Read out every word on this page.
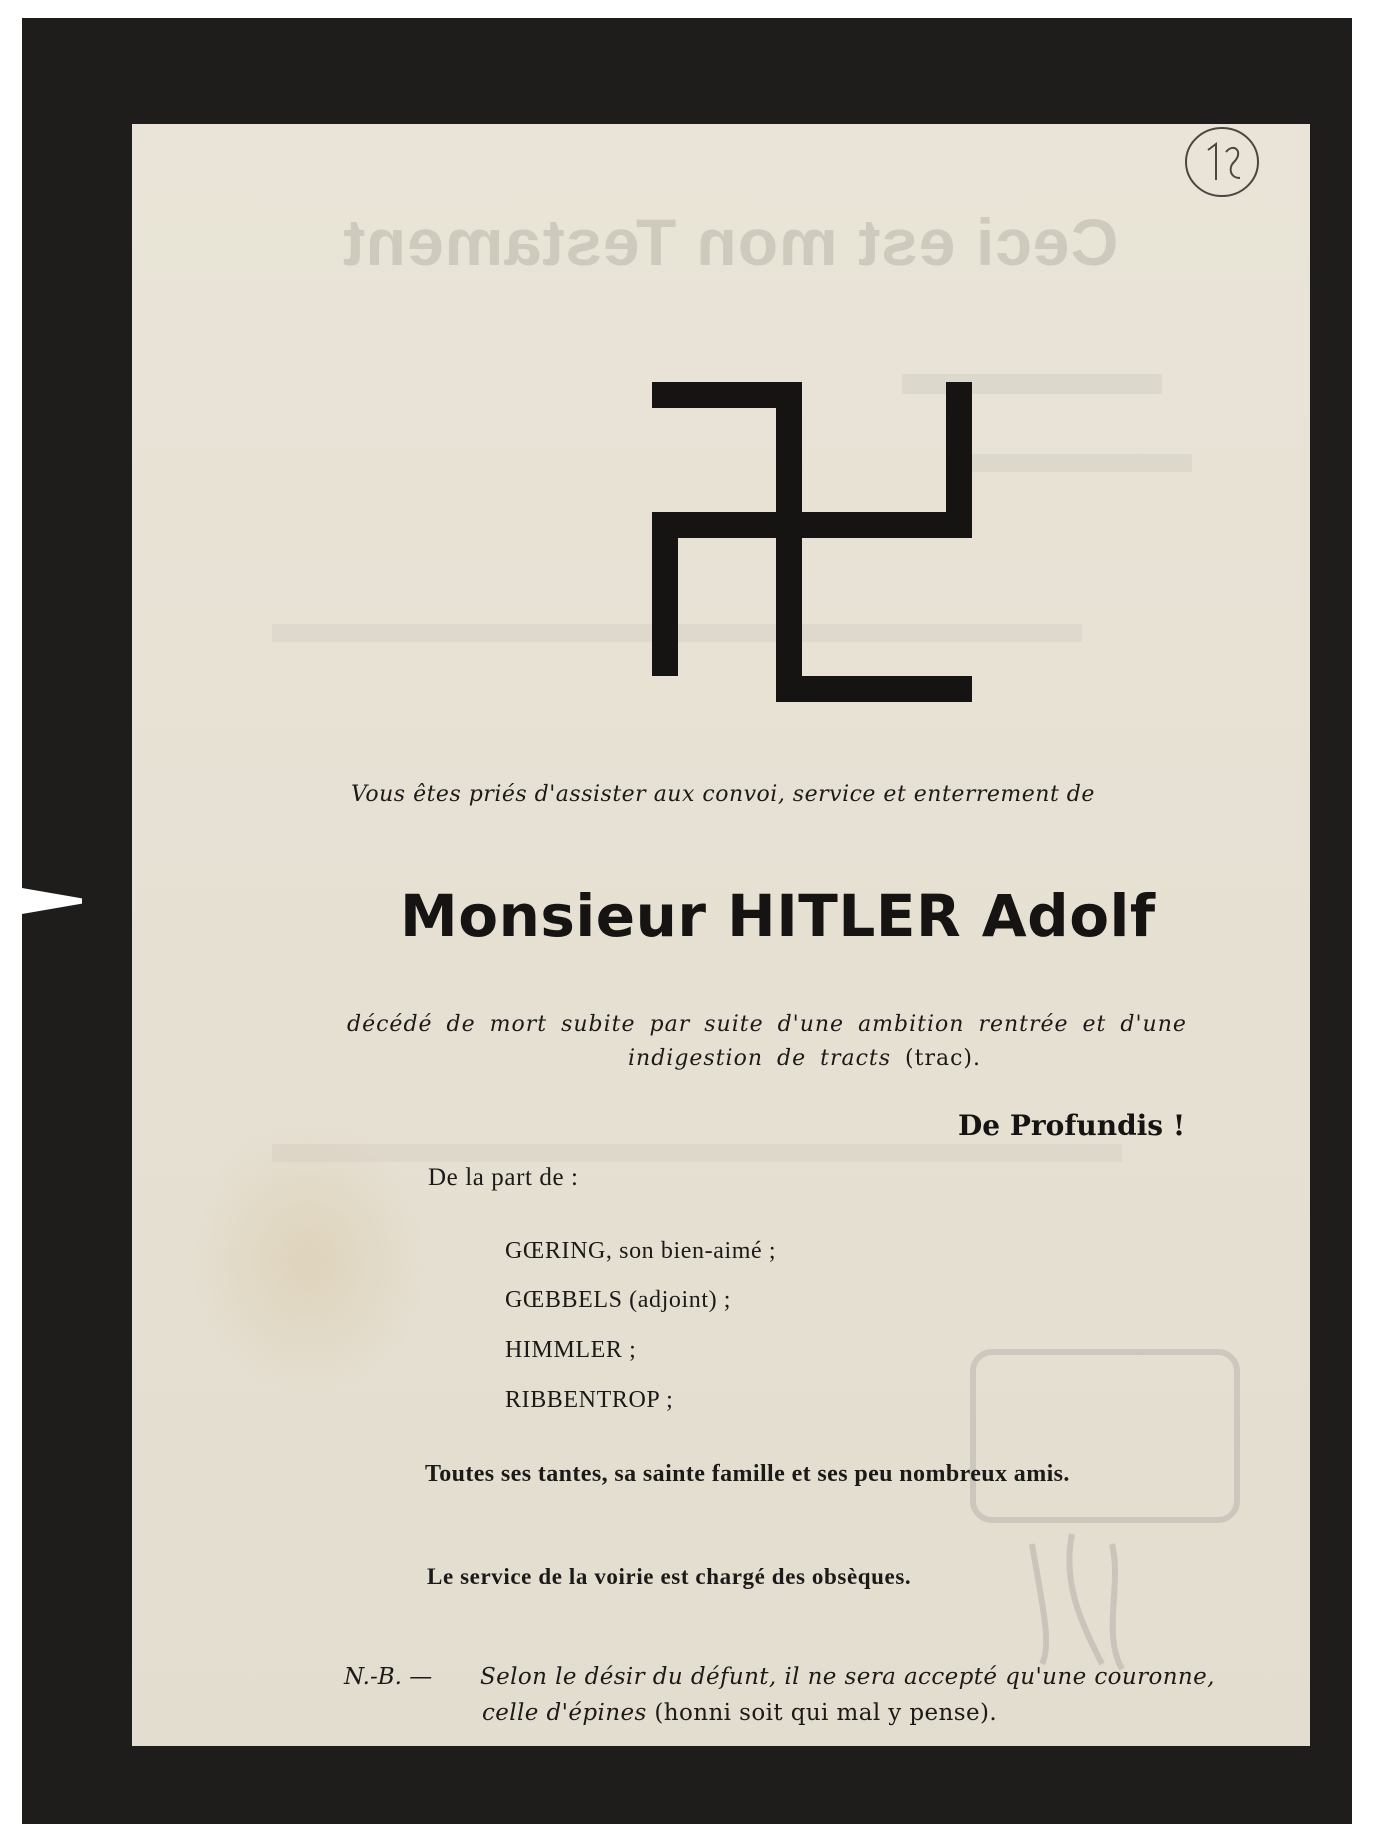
Ceci est mon Testament
Vous êtes priés d'assister aux convoi, service et enterrement de
Monsieur HITLER Adolf
décédé de mort subite par suite d'une ambition rentrée et d'une
indigestion de tracts (trac).
De Profundis !
De la part de :
GŒRING, son bien-aimé ;
GŒBBELS (adjoint) ;
HIMMLER ;
RIBBENTROP ;
Toutes ses tantes, sa sainte famille et ses peu nombreux amis.
Le service de la voirie est chargé des obsèques.
N.-B. — Selon le désir du défunt, il ne sera accepté qu'une couronne,
celle d'épines (honni soit qui mal y pense).
